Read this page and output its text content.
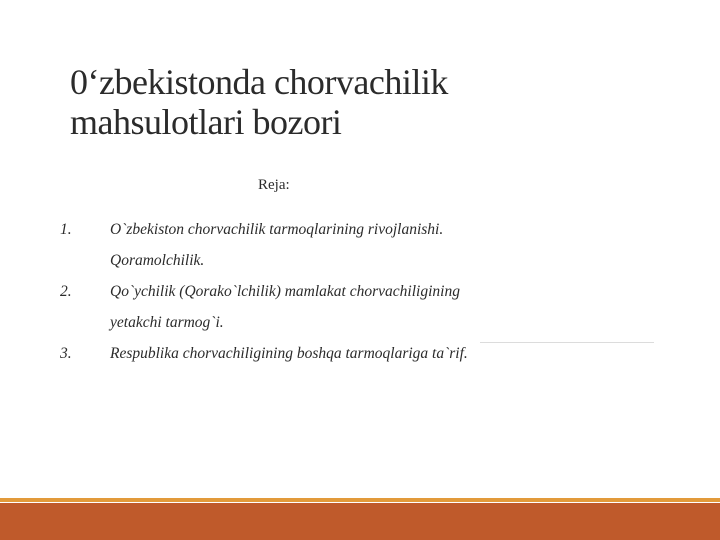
0‘zbekistonda chorvachilik mahsulotlari bozori
Reja:
1.	O`zbekiston chorvachilik tarmoqlarining rivojlanishi. Qoramolchilik.
2.	Qo`ychilik (Qorako`lchilik) mamlakat chorvachiligining yetakchi tarmog`i.
3.	Respublika chorvachiligining boshqa tarmoqlariga ta`rif.
